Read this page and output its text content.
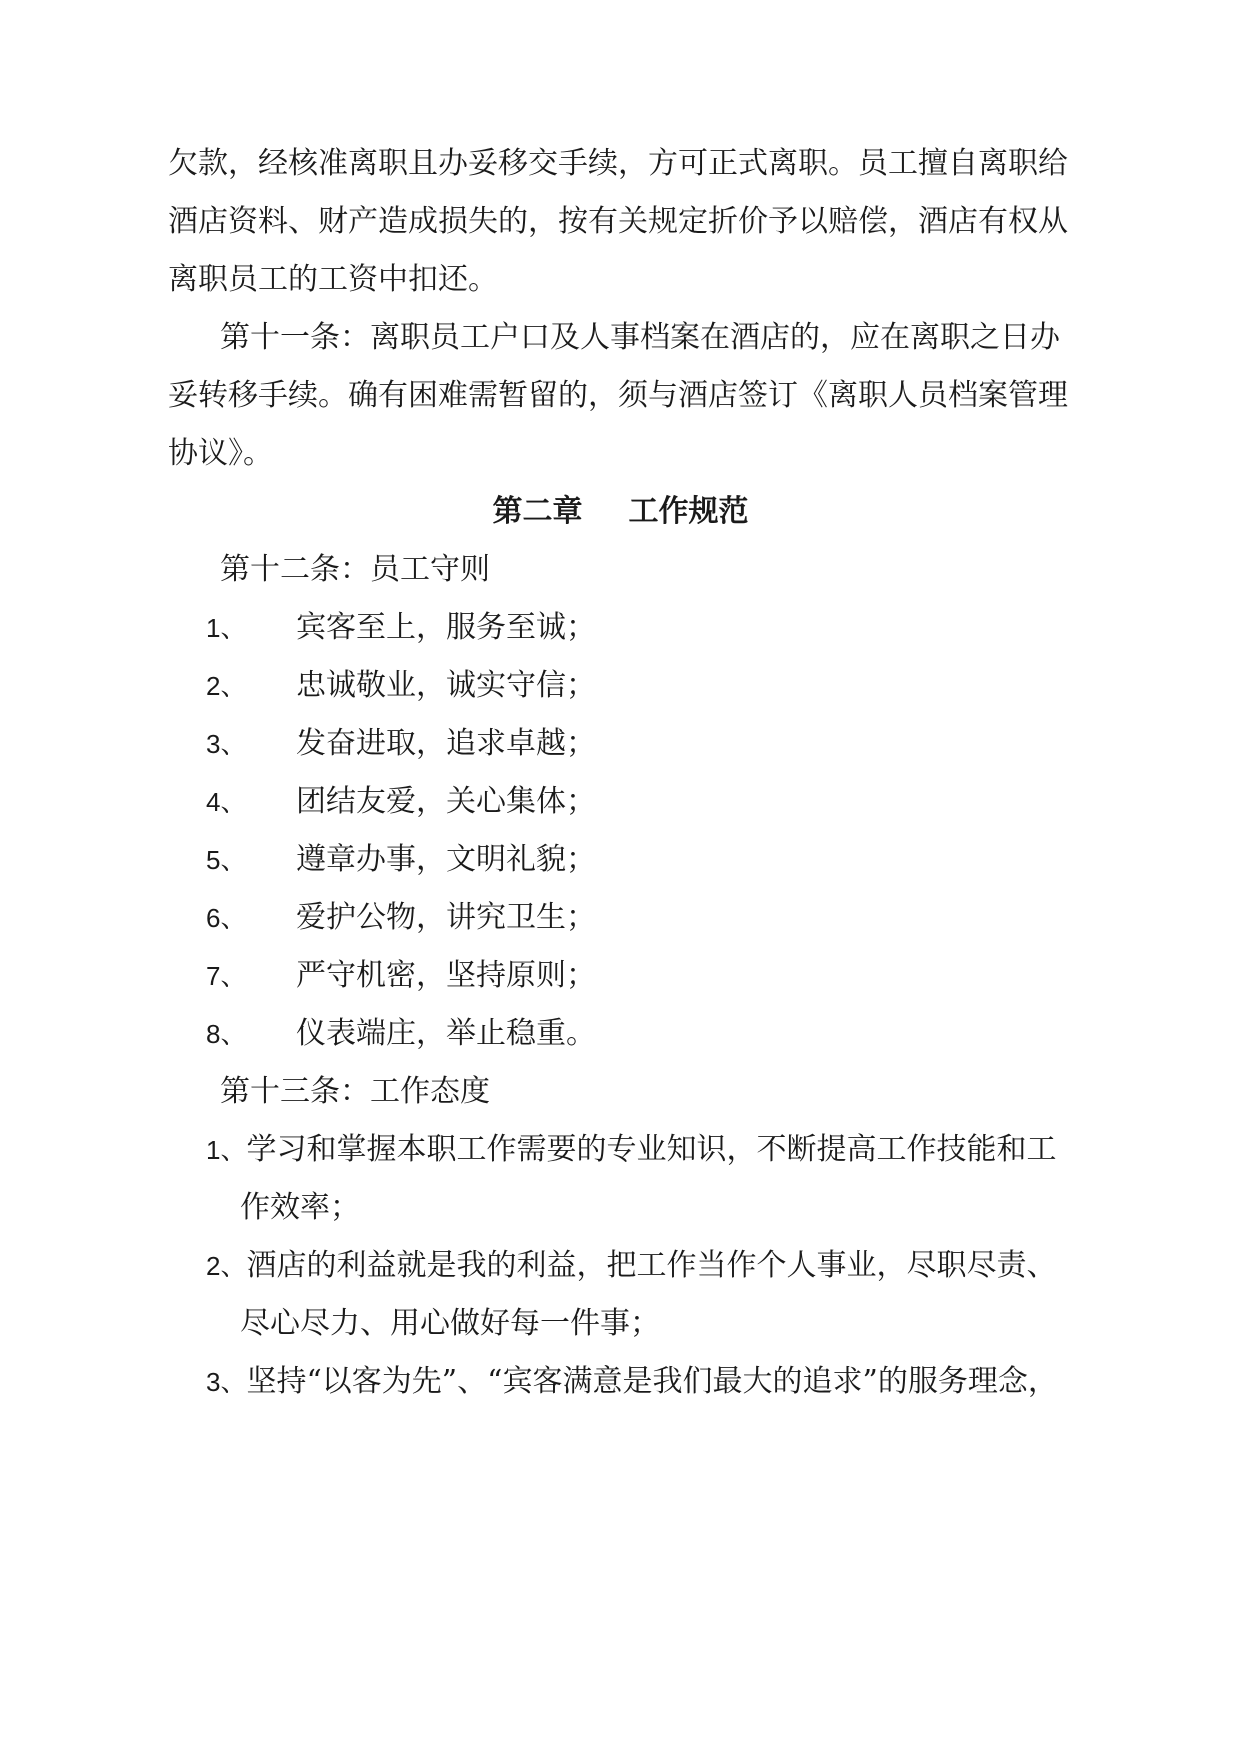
欠款，经核准离职且办妥移交手续，方可正式离职。员工擅自离职给
酒店资料、财产造成损失的，按有关规定折价予以赔偿，酒店有权从
离职员工的工资中扣还。
第十一条：离职员工户口及人事档案在酒店的，应在离职之日办
妥转移手续。确有困难需暂留的，须与酒店签订《离职人员档案管理
协议》。
第二章 工作规范
第十二条：员工守则
1、 宾客至上，服务至诚；
2、 忠诚敬业，诚实守信；
3、 发奋进取，追求卓越；
4、 团结友爱，关心集体；
5、 遵章办事，文明礼貌；
6、 爱护公物，讲究卫生；
7、 严守机密，坚持原则；
8、 仪表端庄，举止稳重。
第十三条：工作态度
1、学习和掌握本职工作需要的专业知识，不断提高工作技能和工
作效率；
2、酒店的利益就是我的利益，把工作当作个人事业，尽职尽责、
尽心尽力、用心做好每一件事；
3、坚持“以客为先”、“宾客满意是我们最大的追求”的服务理念，
